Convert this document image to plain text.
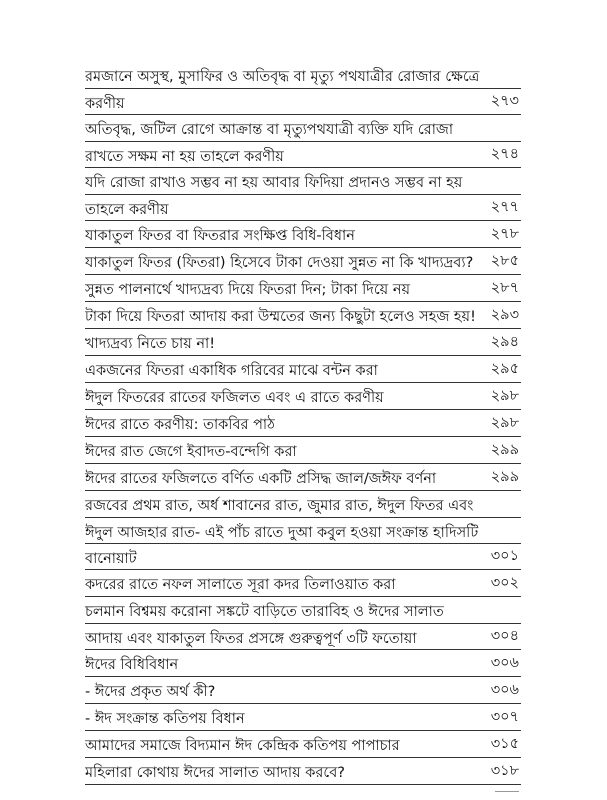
রমজানে অসুস্থ, মুসাফির ও অতিবৃদ্ধ বা মৃত্যু পথযাত্রীর রোজার ক্ষেত্রে
করণীয়	২৭৩
অতিবৃদ্ধ, জটিল রোগে আক্রান্ত বা মৃত্যুপথযাত্রী ব্যক্তি যদি রোজা
রাখতে সক্ষম না হয় তাহলে করণীয়	২৭৪
যদি রোজা রাখাও সম্ভব না হয় আবার ফিদিয়া প্রদানও সম্ভব না হয়
তাহলে করণীয়	২৭৭
যাকাতুল ফিতর বা ফিতরার সংক্ষিপ্ত বিধি-বিধান	২৭৮
যাকাতুল ফিতর (ফিতরা) হিসেবে টাকা দেওয়া সুন্নত না কি খাদ্যদ্রব্য?	২৮৫
সুন্নত পালনার্থে খাদ্যদ্রব্য দিয়ে ফিতরা দিন; টাকা দিয়ে নয়	২৮৭
টাকা দিয়ে ফিতরা আদায় করা উম্মতের জন্য কিছুটা হলেও সহজ হয়!	২৯৩
খাদ্যদ্রব্য নিতে চায় না!	২৯৪
একজনের ফিতরা একাধিক গরিবের মাঝে বন্টন করা	২৯৫
ঈদুল ফিতরের রাতের ফজিলত এবং এ রাতে করণীয়	২৯৮
ঈদের রাতে করণীয়: তাকবির পাঠ	২৯৮
ঈদের রাত জেগে ইবাদত-বন্দেগি করা	২৯৯
ঈদের রাতের ফজিলতে বর্ণিত একটি প্রসিদ্ধ জাল/জঈফ বর্ণনা	২৯৯
রজবের প্রথম রাত, অর্ধ শাবানের রাত, জুমার রাত, ঈদুল ফিতর এবং
ঈদুল আজহার রাত- এই পাঁচ রাতে দুআ কবুল হওয়া সংক্রান্ত হাদিসটি
বানোয়াট	৩০১
কদরের রাতে নফল সালাতে সূরা কদর তিলাওয়াত করা	৩০২
চলমান বিশ্বময় করোনা সঙ্কটে বাড়িতে তারাবিহ ও ঈদের সালাত
আদায় এবং যাকাতুল ফিতর প্রসঙ্গে গুরুত্বপূর্ণ ৩টি ফতোয়া	৩০৪
ঈদের বিধিবিধান	৩০৬
- ঈদের প্রকৃত অর্থ কী?	৩০৬
- ঈদ সংক্রান্ত কতিপয় বিধান	৩০৭
আমাদের সমাজে বিদ্যমান ঈদ কেন্দ্রিক কতিপয় পাপাচার	৩১৫
মহিলারা কোথায় ঈদের সালাত আদায় করবে?	৩১৮
